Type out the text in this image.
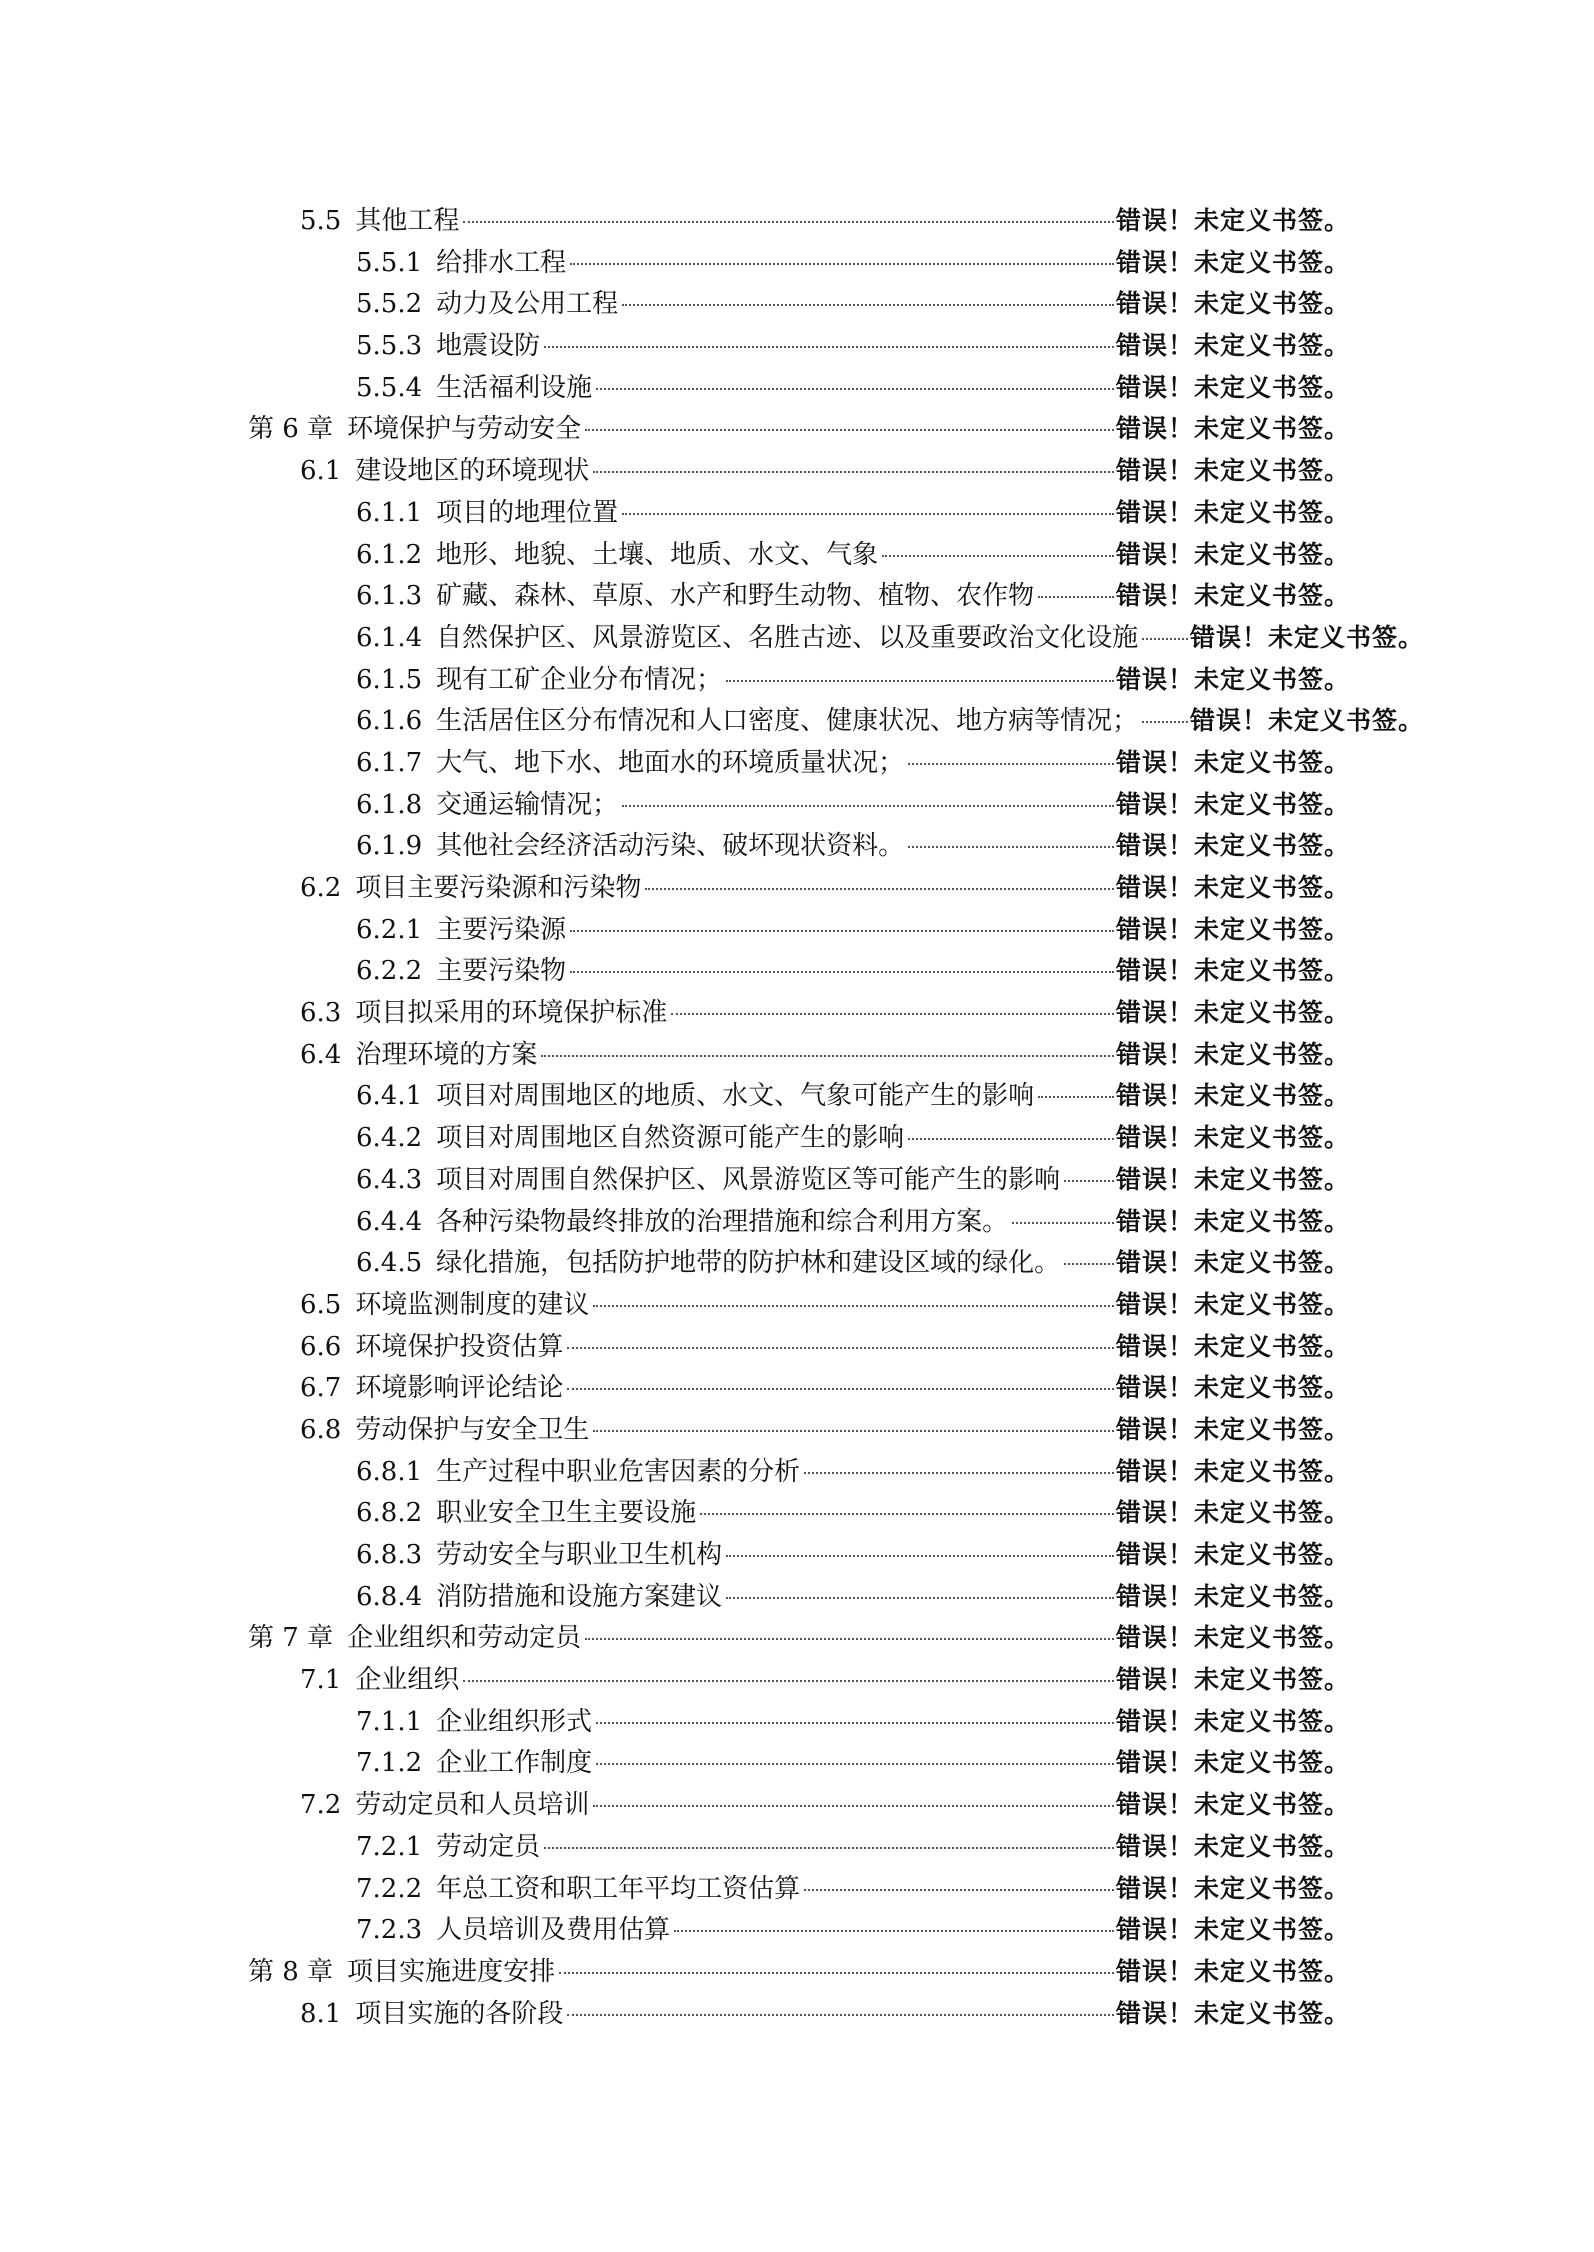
5.5 其他工程	错误！未定义书签。
5.5.1 给排水工程	错误！未定义书签。
5.5.2 动力及公用工程	错误！未定义书签。
5.5.3 地震设防	错误！未定义书签。
5.5.4 生活福利设施	错误！未定义书签。
第 6 章 环境保护与劳动安全	错误！未定义书签。
6.1 建设地区的环境现状	错误！未定义书签。
6.1.1 项目的地理位置	错误！未定义书签。
6.1.2 地形、地貌、土壤、地质、水文、气象	错误！未定义书签。
6.1.3 矿藏、森林、草原、水产和野生动物、植物、农作物	错误！未定义书签。
6.1.4 自然保护区、风景游览区、名胜古迹、以及重要政治文化设施 错误！未定义书签。
6.1.5 现有工矿企业分布情况；	错误！未定义书签。
6.1.6 生活居住区分布情况和人口密度、健康状况、地方病等情况； 错误！未定义书签。
6.1.7 大气、地下水、地面水的环境质量状况；	错误！未定义书签。
6.1.8 交通运输情况；	错误！未定义书签。
6.1.9 其他社会经济活动污染、破坏现状资料。	错误！未定义书签。
6.2 项目主要污染源和污染物	错误！未定义书签。
6.2.1 主要污染源	错误！未定义书签。
6.2.2 主要污染物	错误！未定义书签。
6.3 项目拟采用的环境保护标准	错误！未定义书签。
6.4 治理环境的方案	错误！未定义书签。
6.4.1 项目对周围地区的地质、水文、气象可能产生的影响	错误！未定义书签。
6.4.2 项目对周围地区自然资源可能产生的影响	错误！未定义书签。
6.4.3 项目对周围自然保护区、风景游览区等可能产生的影响 错误！未定义书签。
6.4.4 各种污染物最终排放的治理措施和综合利用方案。	错误！未定义书签。
6.4.5 绿化措施，包括防护地带的防护林和建设区域的绿化。 错误！未定义书签。
6.5 环境监测制度的建议	错误！未定义书签。
6.6 环境保护投资估算	错误！未定义书签。
6.7 环境影响评论结论	错误！未定义书签。
6.8 劳动保护与安全卫生	错误！未定义书签。
6.8.1 生产过程中职业危害因素的分析	错误！未定义书签。
6.8.2 职业安全卫生主要设施	错误！未定义书签。
6.8.3 劳动安全与职业卫生机构	错误！未定义书签。
6.8.4 消防措施和设施方案建议	错误！未定义书签。
第 7 章 企业组织和劳动定员	错误！未定义书签。
7.1 企业组织	错误！未定义书签。
7.1.1 企业组织形式	错误！未定义书签。
7.1.2 企业工作制度	错误！未定义书签。
7.2 劳动定员和人员培训	错误！未定义书签。
7.2.1 劳动定员	错误！未定义书签。
7.2.2 年总工资和职工年平均工资估算	错误！未定义书签。
7.2.3 人员培训及费用估算	错误！未定义书签。
第 8 章 项目实施进度安排	错误！未定义书签。
8.1 项目实施的各阶段	错误！未定义书签。
